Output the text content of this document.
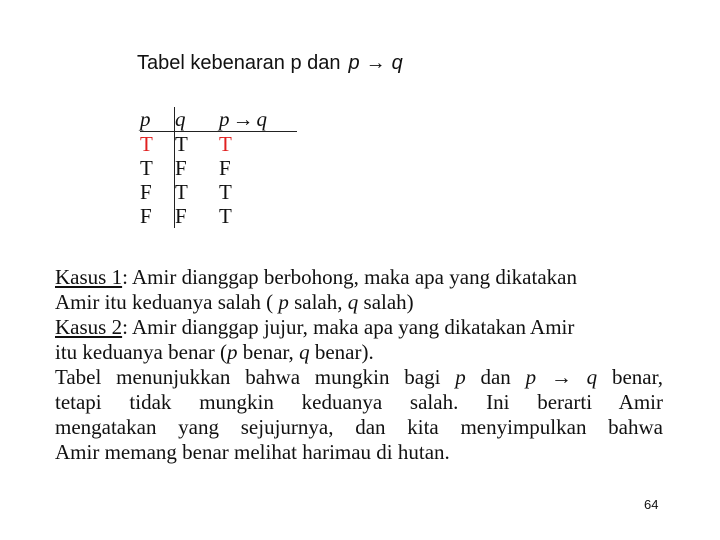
Tabel kebenaran p dan p → q
p	q	p → q
T	T	T
T	F	F
F	T	T
F	F	T
Kasus 1: Amir dianggap berbohong, maka apa yang dikatakan
Amir itu keduanya salah ( p salah, q salah)
Kasus 2: Amir dianggap jujur, maka apa yang dikatakan Amir
itu keduanya benar (p benar, q benar).
Tabel menunjukkan bahwa mungkin bagi p dan p → q benar,
tetapi tidak mungkin keduanya salah. Ini berarti Amir
mengatakan yang sejujurnya, dan kita menyimpulkan bahwa
Amir memang benar melihat harimau di hutan.
64
